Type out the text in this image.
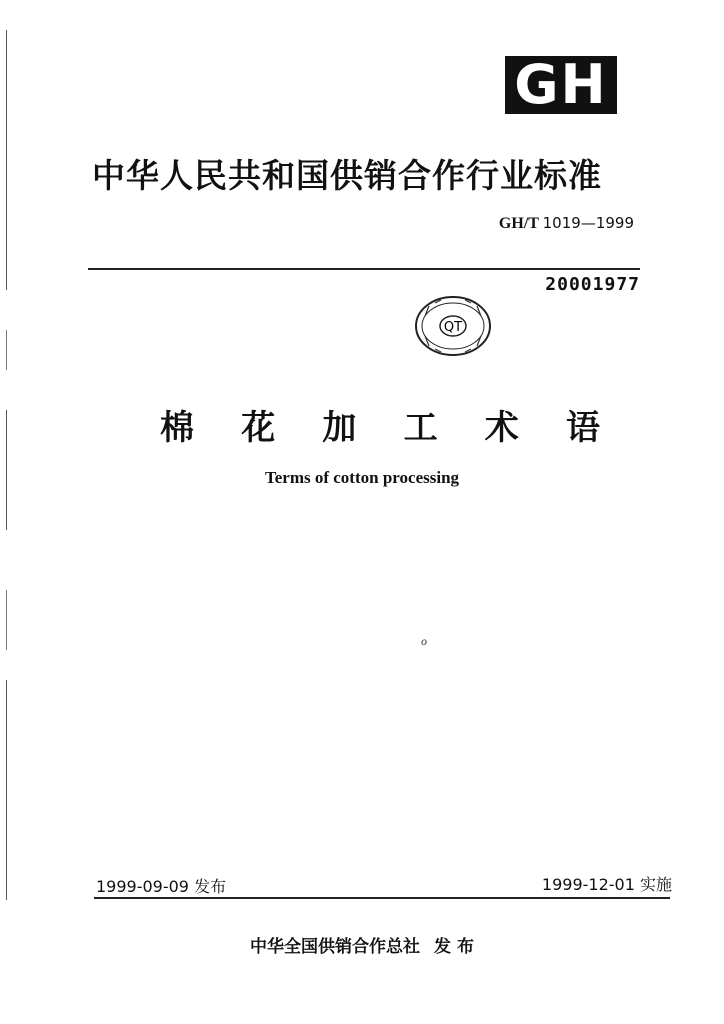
GH
中华人民共和国供销合作行业标准
GH/T 1019—1999
20001977
QT
棉 花 加 工 术 语
Terms of cotton processing
o
1999-09-09 发布	1999-12-01 实施
中华全国供销合作总社 发 布
